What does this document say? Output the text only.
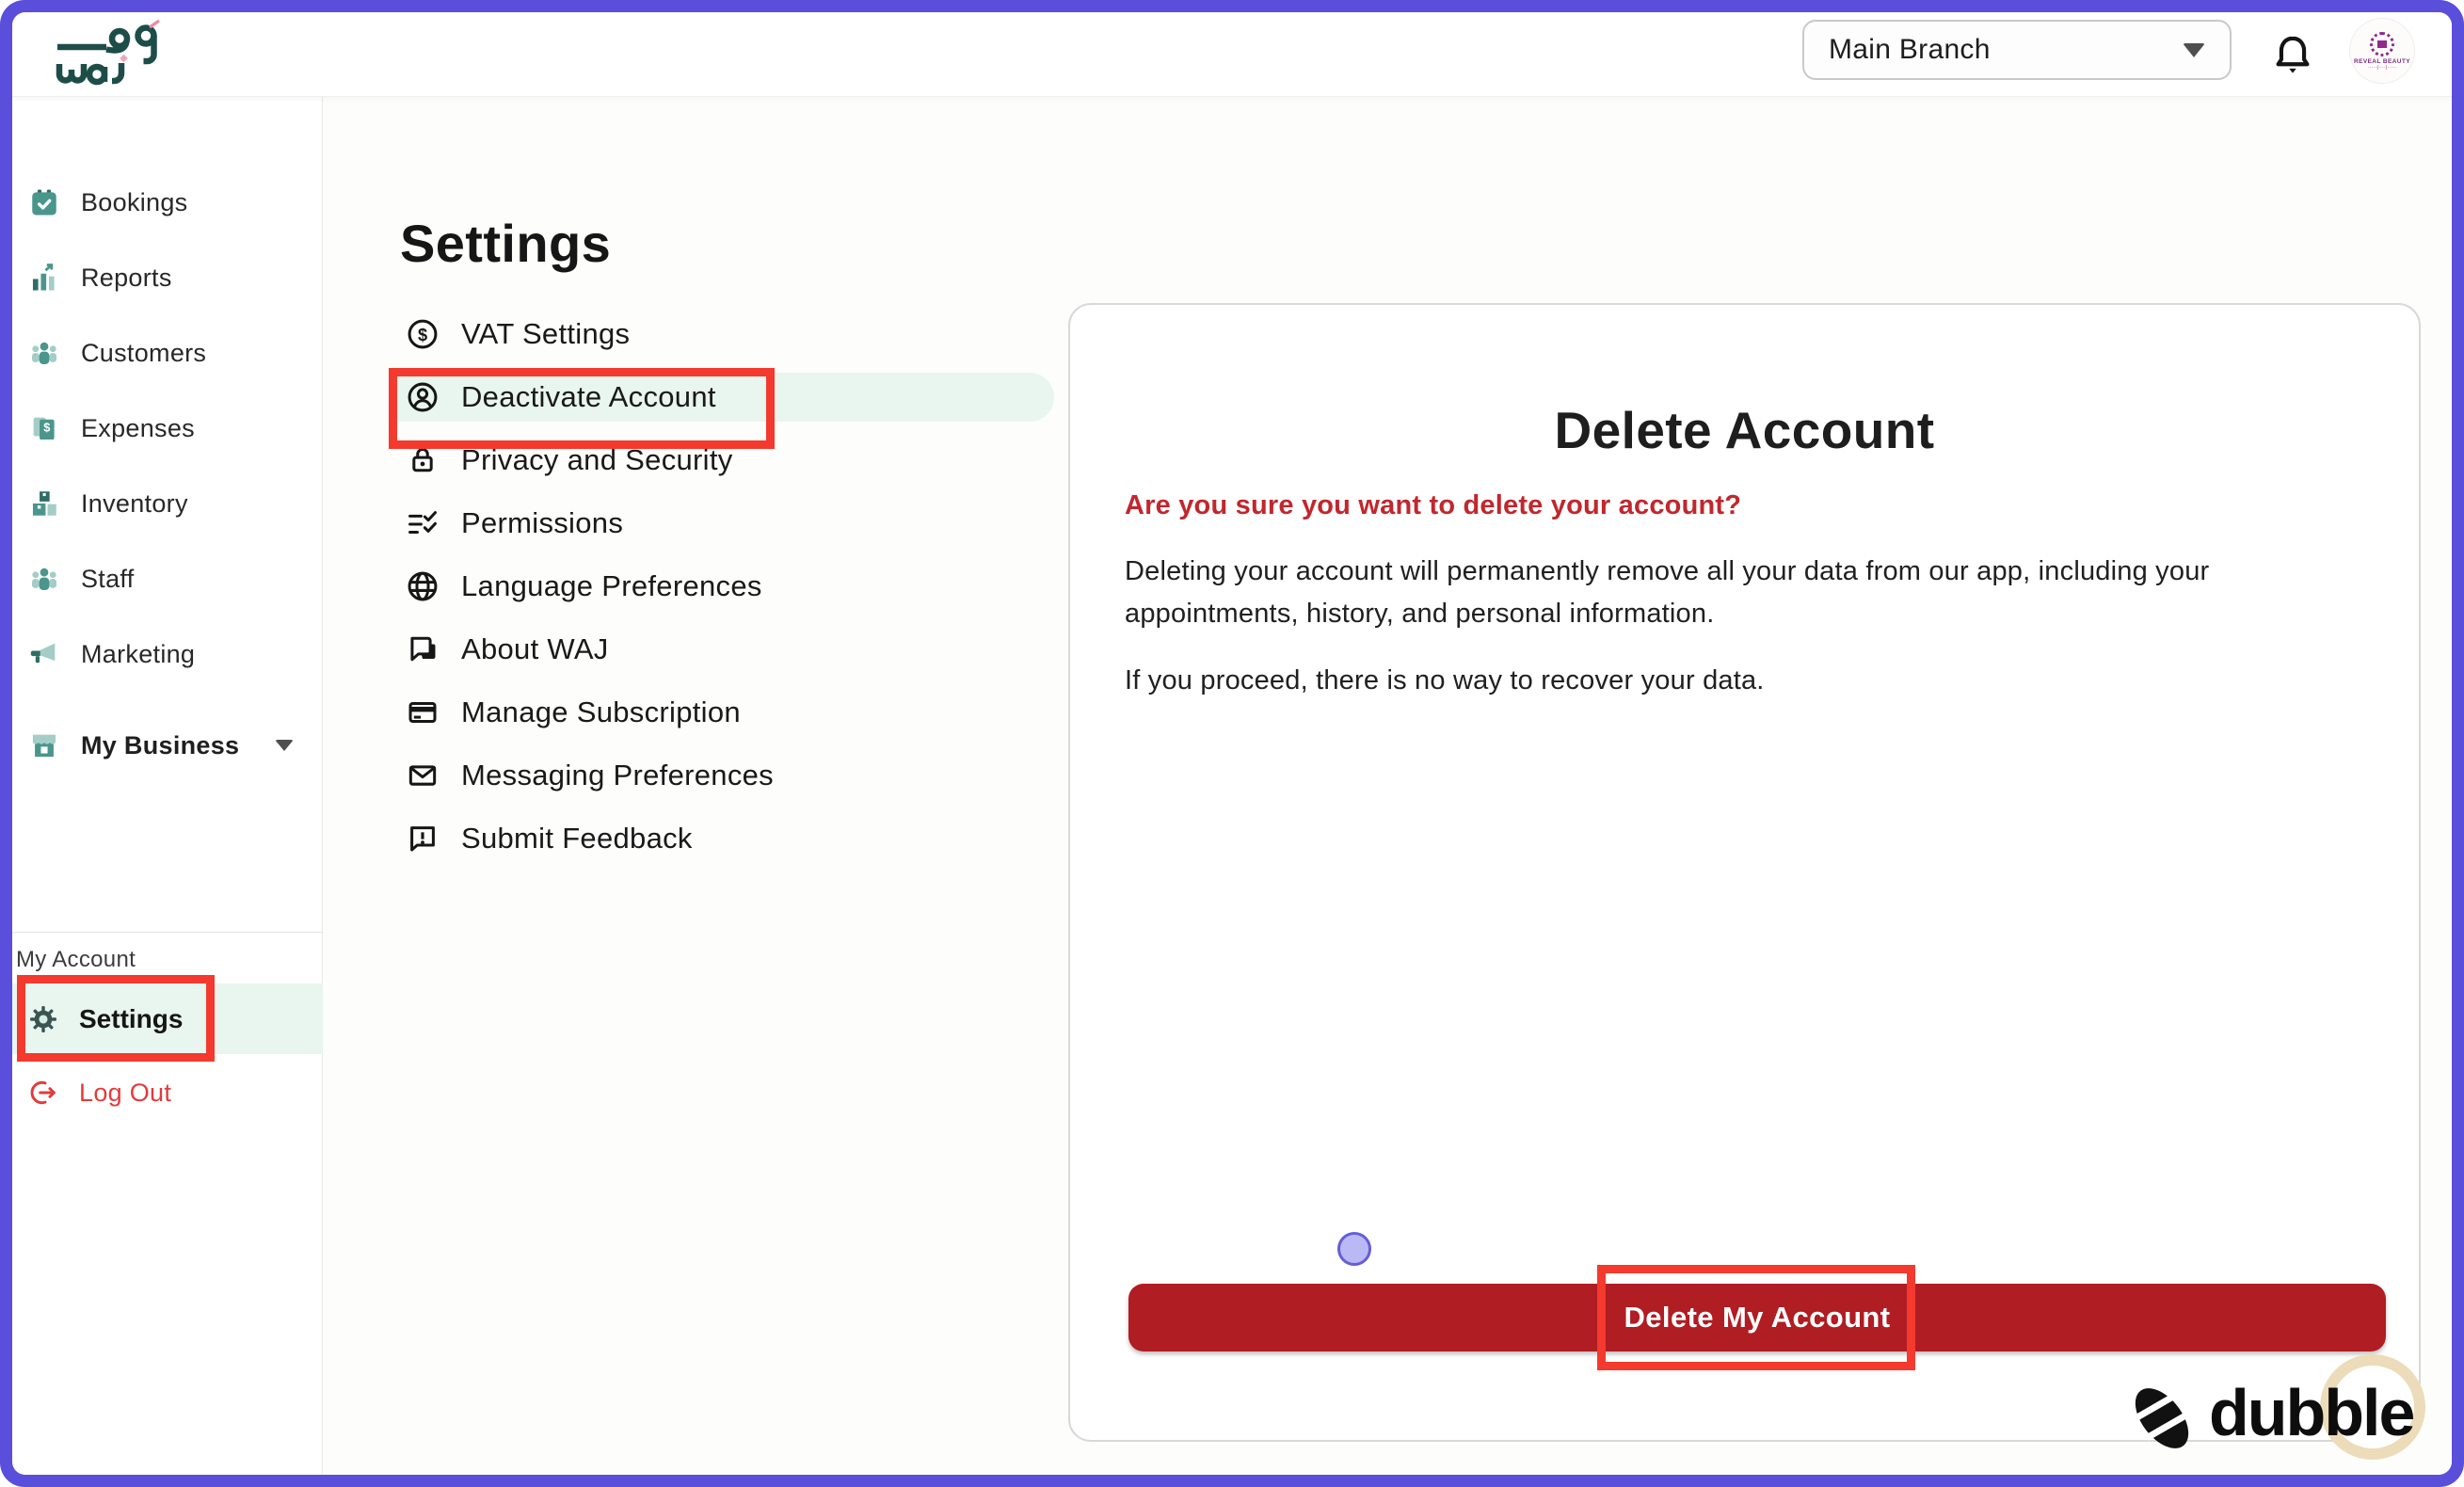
Main Branch	REVEAL BEAUTY
·····|····|·····
Bookings
Reports
Customers
$ Expenses
Inventory
Staff
Marketing
My Business
My Account
Settings
Log Out
Settings
$ VAT Settings
Deactivate Account
Privacy and Security
Permissions
Language Preferences
About WAJ
Manage Subscription
Messaging Preferences
Submit Feedback
Delete Account

Are you sure you want to delete your account?

Deleting your account will permanently remove all your data from our app, including your appointments, history, and personal information.

If you proceed, there is no way to recover your data.

Delete My Account
dubble
